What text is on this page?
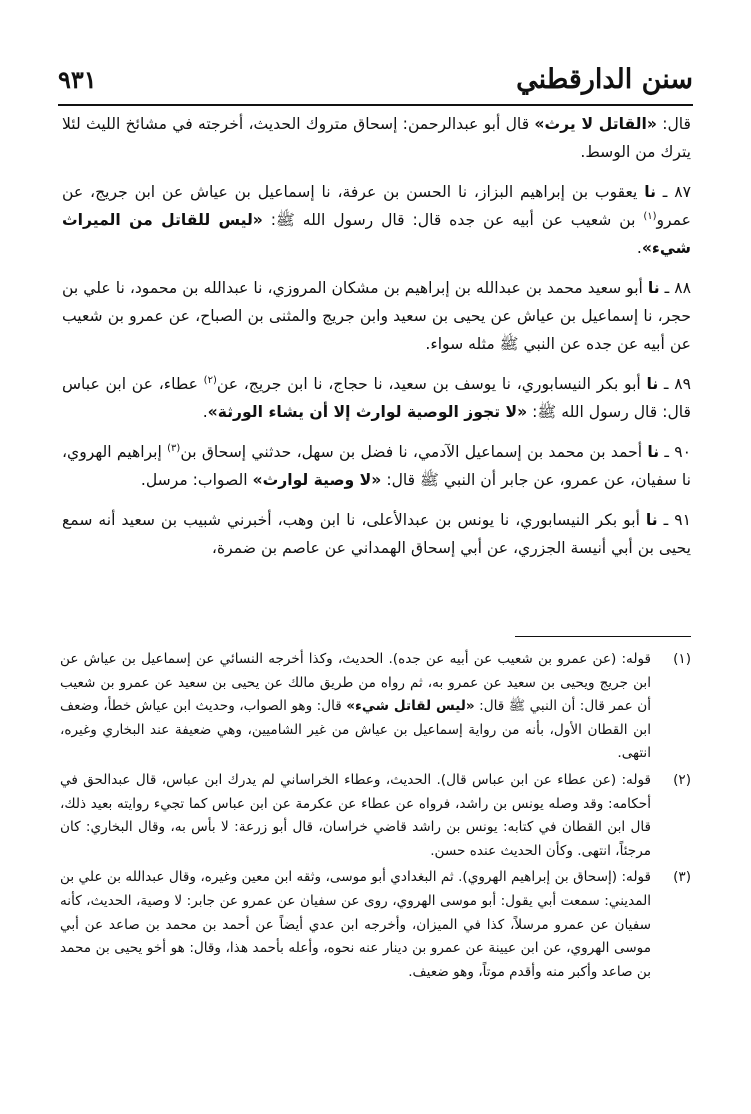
سنن الدارقطني
٩٣١

قال: «القاتل لا يرث» قال أبو عبدالرحمن: إسحاق متروك الحديث، أخرجته في مشائخ الليث لئلا يترك من الوسط.

٨٧ ـ نا يعقوب بن إبراهيم البزاز، نا الحسن بن عرفة، نا إسماعيل بن عياش عن ابن جريج، عن عمرو$^{(١)}$ بن شعيب عن أبيه عن جده قال: قال رسول الله ﷺ: «ليس للقاتل من الميراث شيء».

٨٨ ـ نا أبو سعيد محمد بن عبدالله بن إبراهيم بن مشكان المروزي، نا عبدالله بن محمود، نا علي بن حجر، نا إسماعيل بن عياش عن يحيى بن سعيد وابن جريج والمثنى بن الصباح، عن عمرو بن شعيب عن أبيه عن جده عن النبي ﷺ مثله سواء.

٨٩ ـ نا أبو بكر النيسابوري، نا يوسف بن سعيد، نا حجاج، نا ابن جريج، عن$^{(٢)}$ عطاء، عن ابن عباس قال: قال رسول الله ﷺ: «لا تجوز الوصية لوارث إلا أن يشاء الورثة».

٩٠ ـ نا أحمد بن محمد بن إسماعيل الآدمي، نا فضل بن سهل، حدثني إسحاق بن$^{(٣)}$ إبراهيم الهروي، نا سفيان، عن عمرو، عن جابر أن النبي ﷺ قال: «لا وصية لوارث» الصواب: مرسل.

٩١ ـ نا أبو بكر النيسابوري، نا يونس بن عبدالأعلى، نا ابن وهب، أخبرني شبيب بن سعيد أنه سمع يحيى بن أبي أنيسة الجزري، عن أبي إسحاق الهمداني عن عاصم بن ضمرة،

(١)
قوله: (عن عمرو بن شعيب عن أبيه عن جده). الحديث، وكذا أخرجه النسائي عن إسماعيل بن عياش عن ابن جريج ويحيى بن سعيد عن عمرو به، ثم رواه من طريق مالك عن يحيى بن سعيد عن عمرو بن شعيب أن عمر قال: أن النبي ﷺ قال: «ليس لقاتل شيء» قال: وهو الصواب، وحديث ابن عياش خطأ، وضعف ابن القطان الأول، بأنه من رواية إسماعيل بن عياش من غير الشاميين، وهي ضعيفة عند البخاري وغيره، انتهى.
(٢)
قوله: (عن عطاء عن ابن عباس قال). الحديث، وعطاء الخراساني لم يدرك ابن عباس، قال عبدالحق في أحكامه: وقد وصله يونس بن راشد، فرواه عن عطاء عن عكرمة عن ابن عباس كما تجيء روايته بعيد ذلك، قال ابن القطان في كتابه: يونس بن راشد قاضي خراسان، قال أبو زرعة: لا بأس به، وقال البخاري: كان مرجئاً، انتهى. وكأن الحديث عنده حسن.
(٣)
قوله: (إسحاق بن إبراهيم الهروي). ثم البغدادي أبو موسى، وثقه ابن معين وغيره، وقال عبدالله بن علي بن المديني: سمعت أبي يقول: أبو موسى الهروي، روى عن سفيان عن عمرو عن جابر: لا وصية، الحديث، كأنه سفيان عن عمرو مرسلاً، كذا في الميزان، وأخرجه ابن عدي أيضاً عن أحمد بن محمد بن صاعد عن أبي موسى الهروي، عن ابن عيينة عن عمرو بن دينار عنه نحوه، وأعله بأحمد هذا، وقال: هو أخو يحيى بن محمد بن صاعد وأكبر منه وأقدم موتاً، وهو ضعيف.
